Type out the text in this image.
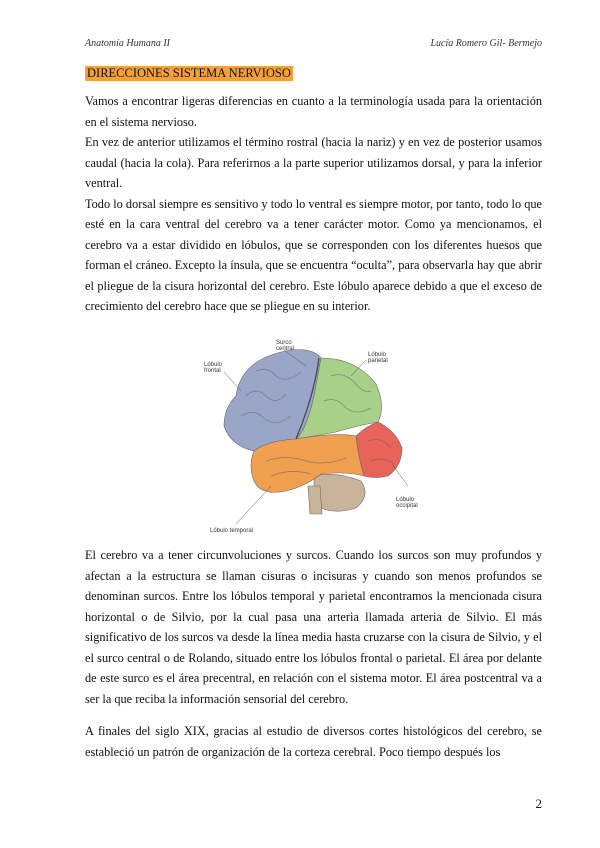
Anatomía Humana II	Lucía Romero Gil- Bermejo
DIRECCIONES SISTEMA NERVIOSO

Vamos a encontrar ligeras diferencias en cuanto a la terminología usada para la orientación en el sistema nervioso.

En vez de anterior utilizamos el término rostral (hacia la nariz) y en vez de posterior usamos caudal (hacia la cola). Para referirnos a la parte superior utilizamos dorsal, y para la inferior ventral.

Todo lo dorsal siempre es sensitivo y todo lo ventral es siempre motor, por tanto, todo lo que esté en la cara ventral del cerebro va a tener carácter motor. Como ya mencionamos, el cerebro va a estar dividido en lóbulos, que se corresponden con los diferentes huesos que forman el cráneo. Excepto la ínsula, que se encuentra “oculta”, para observarla hay que abrir el pliegue de la cisura horizontal del cerebro. Este lóbulo aparece debido a que el exceso de crecimiento del cerebro hace que se pliegue en su interior.

Surco
central
Lóbulo
frontal
Lóbulo
parietal
Lóbulo
occipital
Lóbulo temporal

El cerebro va a tener circunvoluciones y surcos. Cuando los surcos son muy profundos y afectan a la estructura se llaman cisuras o incisuras y cuando son menos profundos se denominan surcos. Entre los lóbulos temporal y parietal encontramos la mencionada cisura horizontal o de Silvio, por la cual pasa una arteria llamada arteria de Silvio. El más significativo de los surcos va desde la línea media hasta cruzarse con la cisura de Silvio, y el el surco central o de Rolando, situado entre los lóbulos frontal o parietal. El área por delante de este surco es el área precentral, en relación con el sistema motor. El área postcentral va a ser la que reciba la información sensorial del cerebro.

A finales del siglo XIX, gracias al estudio de diversos cortes histológicos del cerebro, se estableció un patrón de organización de la corteza cerebral. Poco tiempo después los

2
